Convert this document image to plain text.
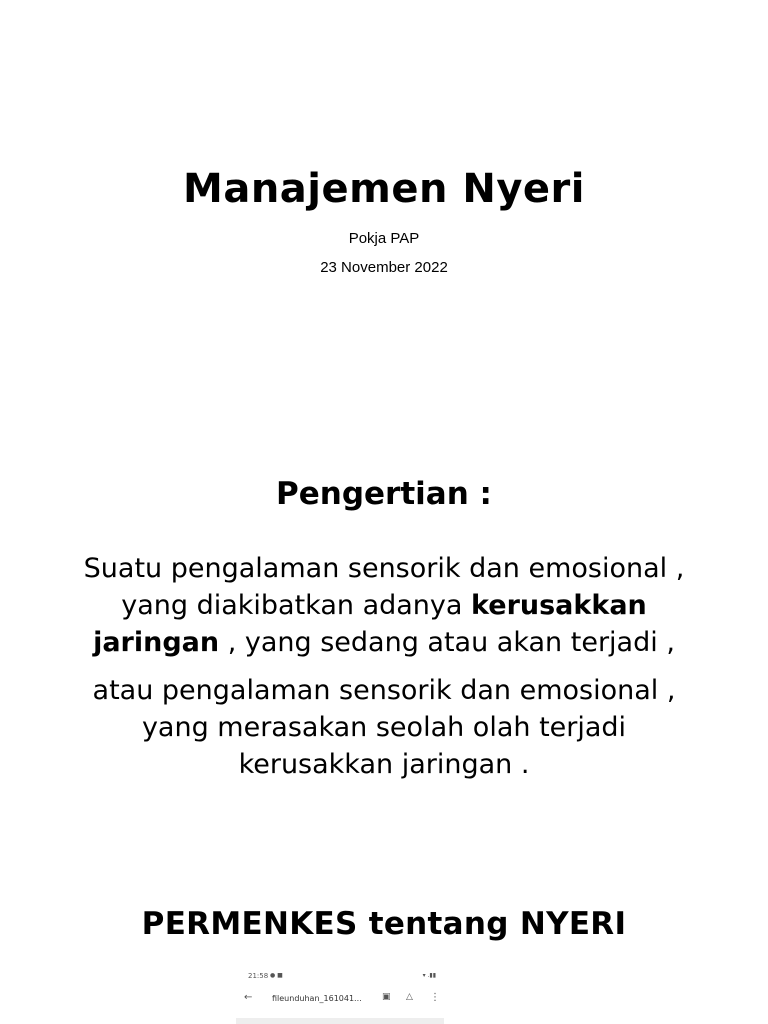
Manajemen Nyeri
Pokja PAP
23 November 2022
Pengertian :
Suatu pengalaman sensorik dan emosional ,
yang diakibatkan adanya kerusakkan
jaringan , yang sedang atau akan terjadi ,
atau pengalaman sensorik dan emosional ,
yang merasakan seolah olah terjadi
kerusakkan jaringan .
PERMENKES tentang NYERI
21:58 ● ■	▾ .▮▮
← fileunduhan_161041... ▣ △ ⋮
